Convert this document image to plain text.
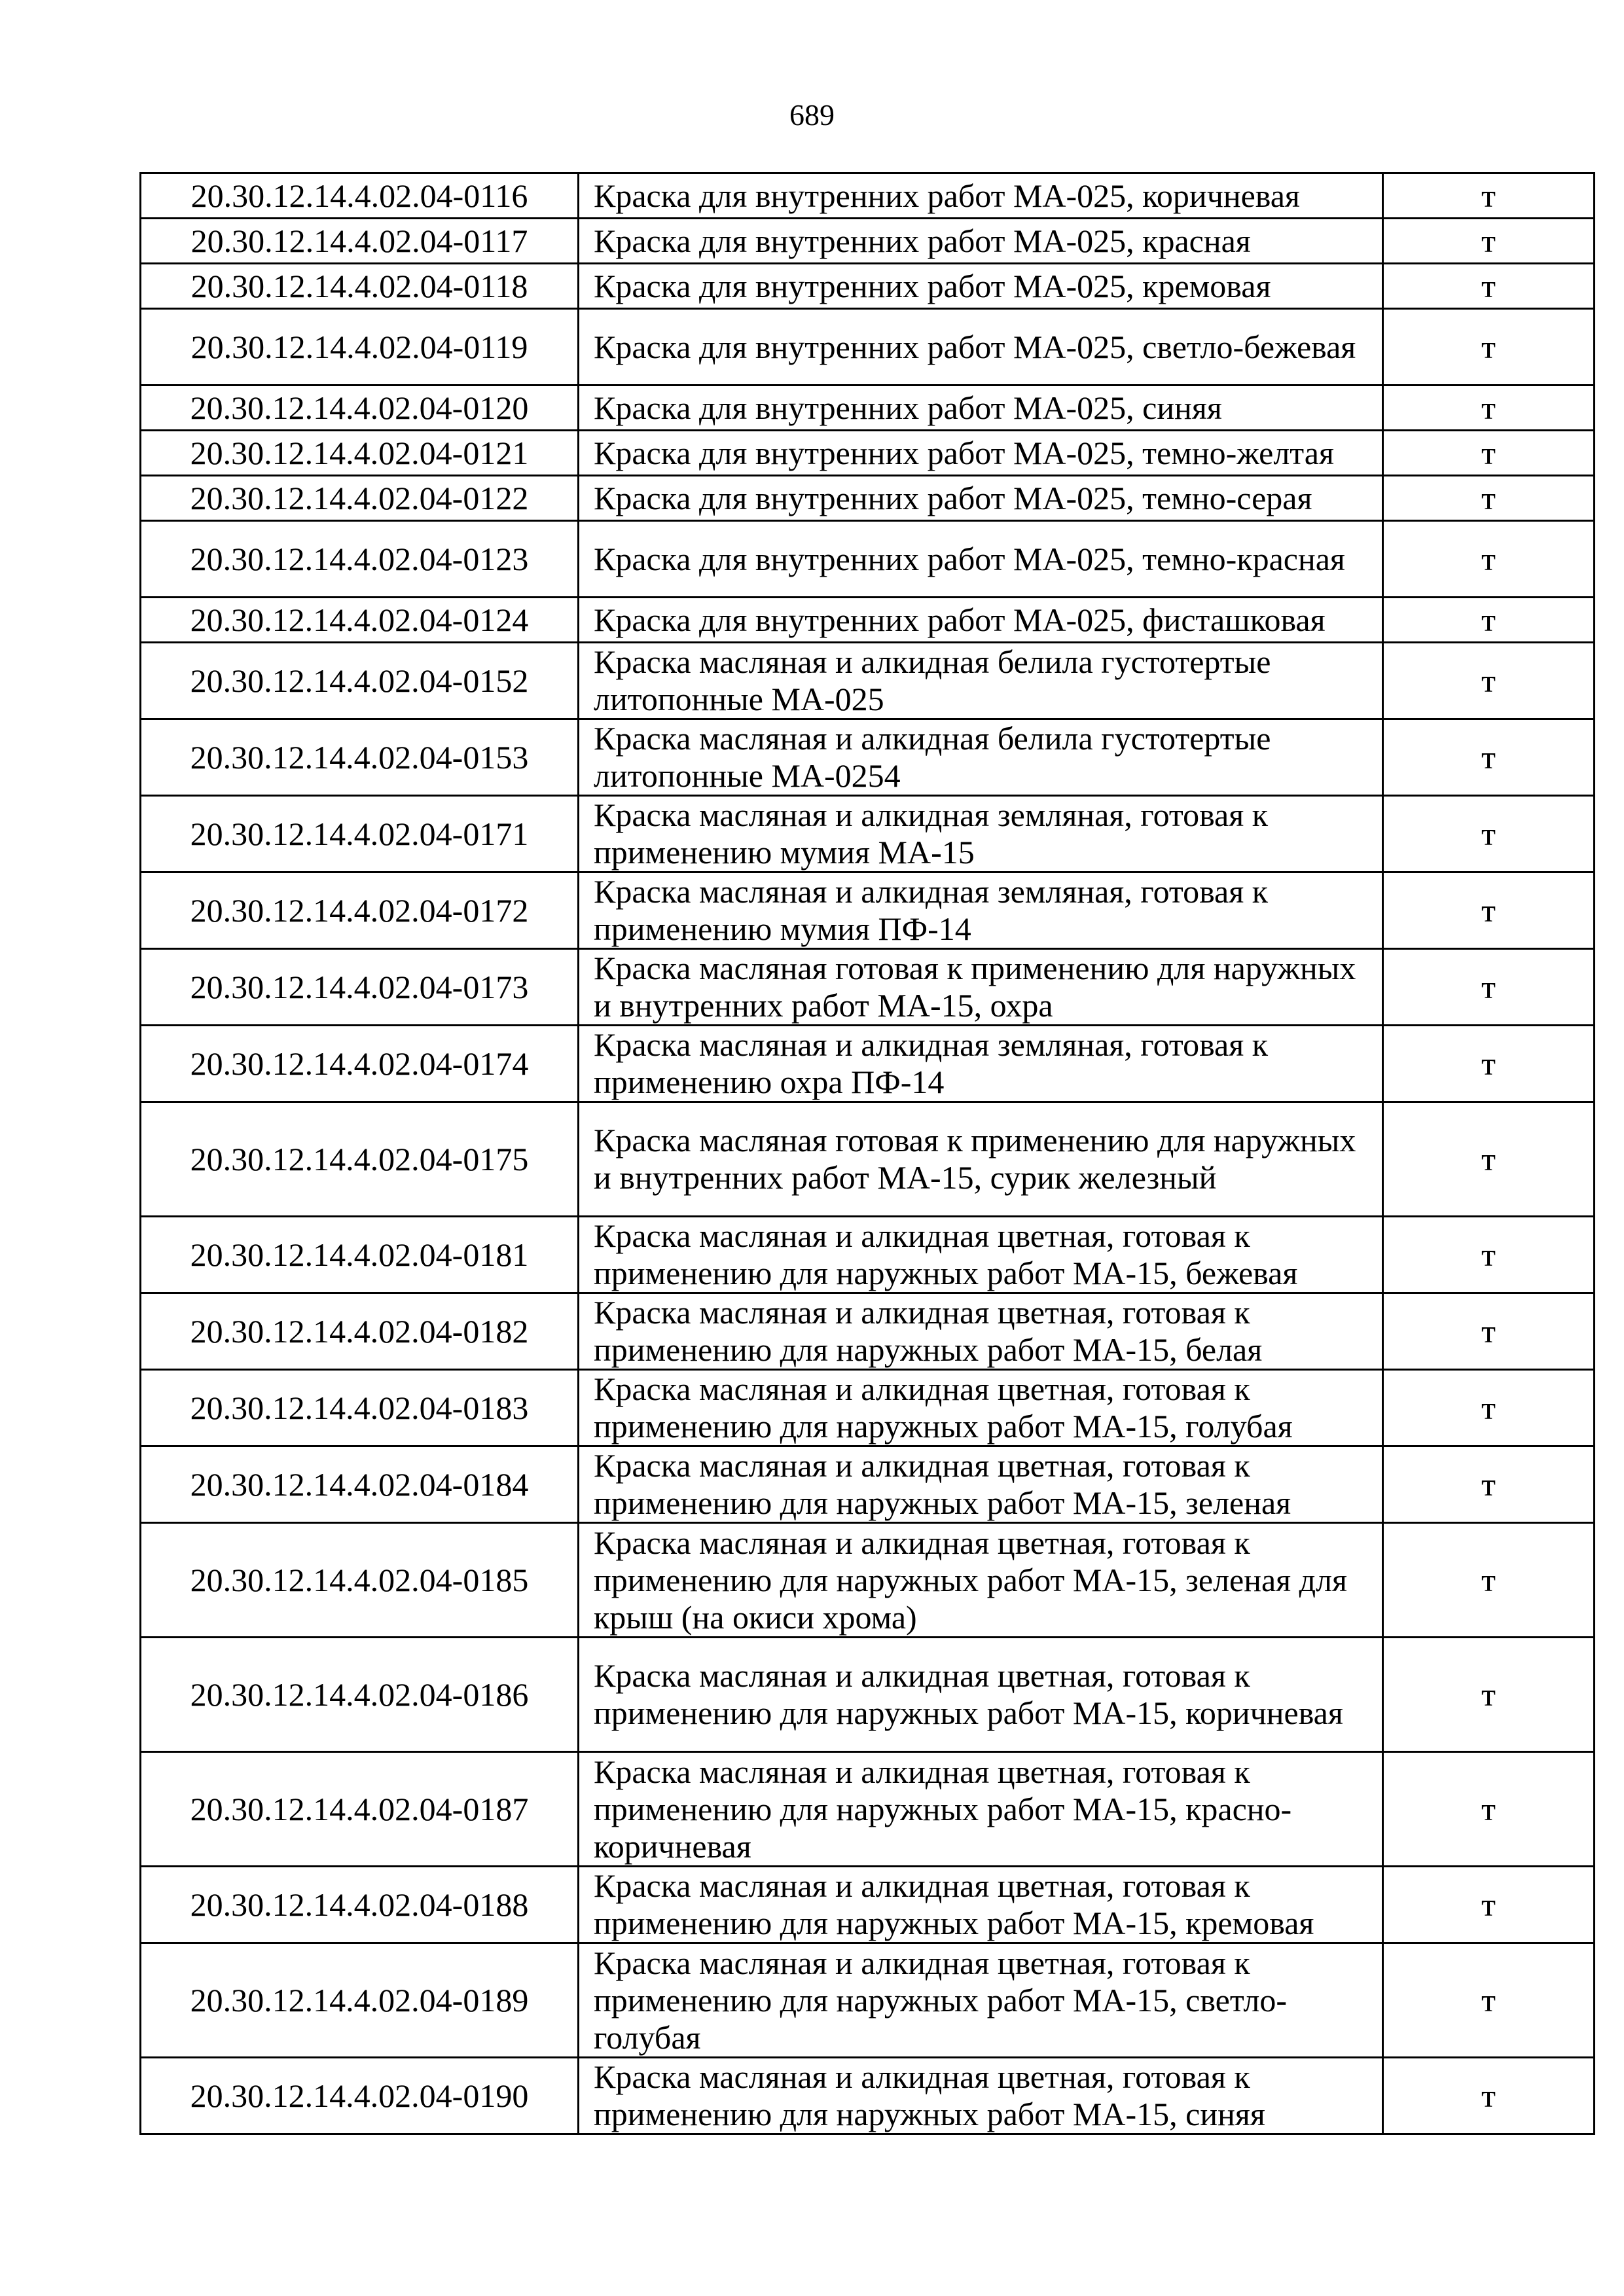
689
20.30.12.14.4.02.04-0116	Краска для внутренних работ МА-025, коричневая	т
20.30.12.14.4.02.04-0117	Краска для внутренних работ МА-025, красная	т
20.30.12.14.4.02.04-0118	Краска для внутренних работ МА-025, кремовая	т
20.30.12.14.4.02.04-0119	Краска для внутренних работ МА-025, светло-бежевая	т
20.30.12.14.4.02.04-0120	Краска для внутренних работ МА-025, синяя	т
20.30.12.14.4.02.04-0121	Краска для внутренних работ МА-025, темно-желтая	т
20.30.12.14.4.02.04-0122	Краска для внутренних работ МА-025, темно-серая	т
20.30.12.14.4.02.04-0123	Краска для внутренних работ МА-025, темно-красная	т
20.30.12.14.4.02.04-0124	Краска для внутренних работ МА-025, фисташковая	т
20.30.12.14.4.02.04-0152	Краска масляная и алкидная белила густотертые литопонные МА-025	т
20.30.12.14.4.02.04-0153	Краска масляная и алкидная белила густотертые литопонные МА-0254	т
20.30.12.14.4.02.04-0171	Краска масляная и алкидная земляная, готовая к применению мумия МА-15	т
20.30.12.14.4.02.04-0172	Краска масляная и алкидная земляная, готовая к применению мумия ПФ-14	т
20.30.12.14.4.02.04-0173	Краска масляная готовая к применению для наружных и внутренних работ МА-15, охра	т
20.30.12.14.4.02.04-0174	Краска масляная и алкидная земляная, готовая к применению охра ПФ-14	т
20.30.12.14.4.02.04-0175	Краска масляная готовая к применению для наружных и внутренних работ МА-15, сурик железный	т
20.30.12.14.4.02.04-0181	Краска масляная и алкидная цветная, готовая к применению для наружных работ МА-15, бежевая	т
20.30.12.14.4.02.04-0182	Краска масляная и алкидная цветная, готовая к применению для наружных работ МА-15, белая	т
20.30.12.14.4.02.04-0183	Краска масляная и алкидная цветная, готовая к применению для наружных работ МА-15, голубая	т
20.30.12.14.4.02.04-0184	Краска масляная и алкидная цветная, готовая к применению для наружных работ МА-15, зеленая	т
20.30.12.14.4.02.04-0185	Краска масляная и алкидная цветная, готовая к применению для наружных работ МА-15, зеленая для крыш (на окиси хрома)	т
20.30.12.14.4.02.04-0186	Краска масляная и алкидная цветная, готовая к применению для наружных работ МА-15, коричневая	т
20.30.12.14.4.02.04-0187	Краска масляная и алкидная цветная, готовая к применению для наружных работ МА-15, красно-коричневая	т
20.30.12.14.4.02.04-0188	Краска масляная и алкидная цветная, готовая к применению для наружных работ МА-15, кремовая	т
20.30.12.14.4.02.04-0189	Краска масляная и алкидная цветная, готовая к применению для наружных работ МА-15, светло-голубая	т
20.30.12.14.4.02.04-0190	Краска масляная и алкидная цветная, готовая к применению для наружных работ МА-15, синяя	т
